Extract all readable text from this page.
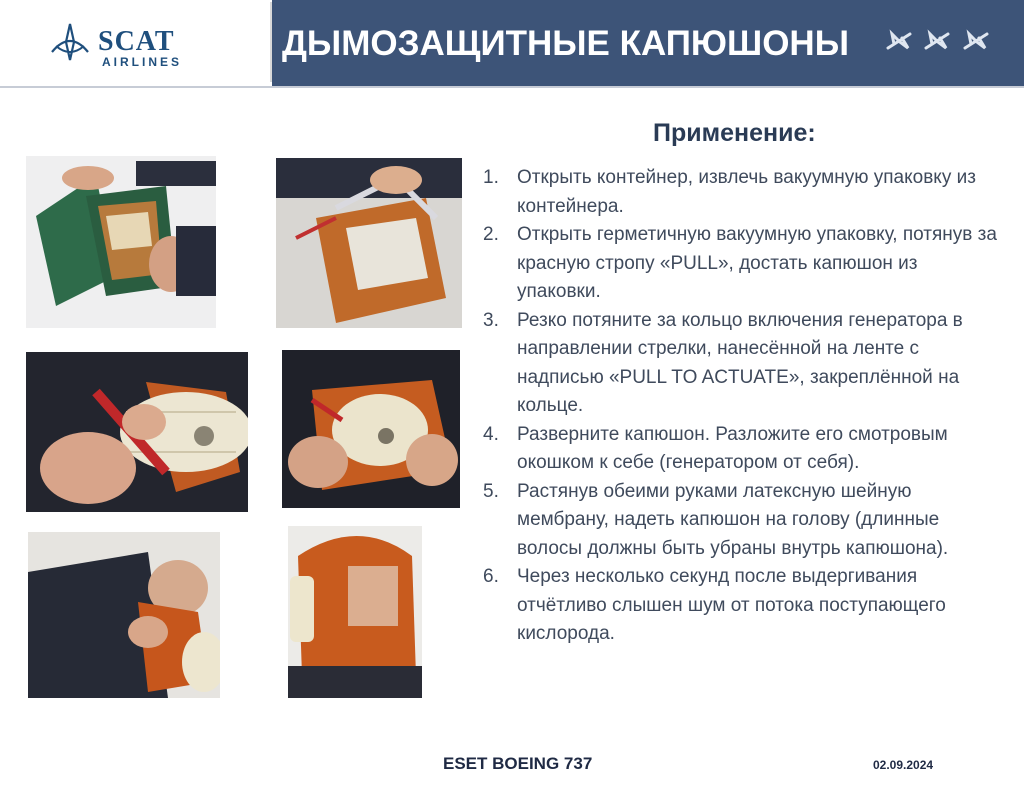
SCAT
AIRLINES	ДЫМОЗАЩИТНЫЕ КАПЮШОНЫ

Применение:
1. Открыть контейнер, извлечь вакуумную упаковку из контейнера.
2. Открыть герметичную вакуумную упаковку, потянув за красную стропу «PULL», достать капюшон из упаковки.
3. Резко потяните за кольцо включения генератора в направлении стрелки, нанесённой на ленте с надписью «PULL TO ACTUATE», закреплённой на кольце.
4. Разверните капюшон. Разложите его смотровым окошком к себе (генератором от себя).
5. Растянув обеими руками латексную шейную мембрану, надеть капюшон на голову (длинные волосы должны быть убраны внутрь капюшона).
6. Через несколько секунд после выдергивания отчётливо слышен шум от потока поступающего кислорода.
ESET BOEING 737	02.09.2024
